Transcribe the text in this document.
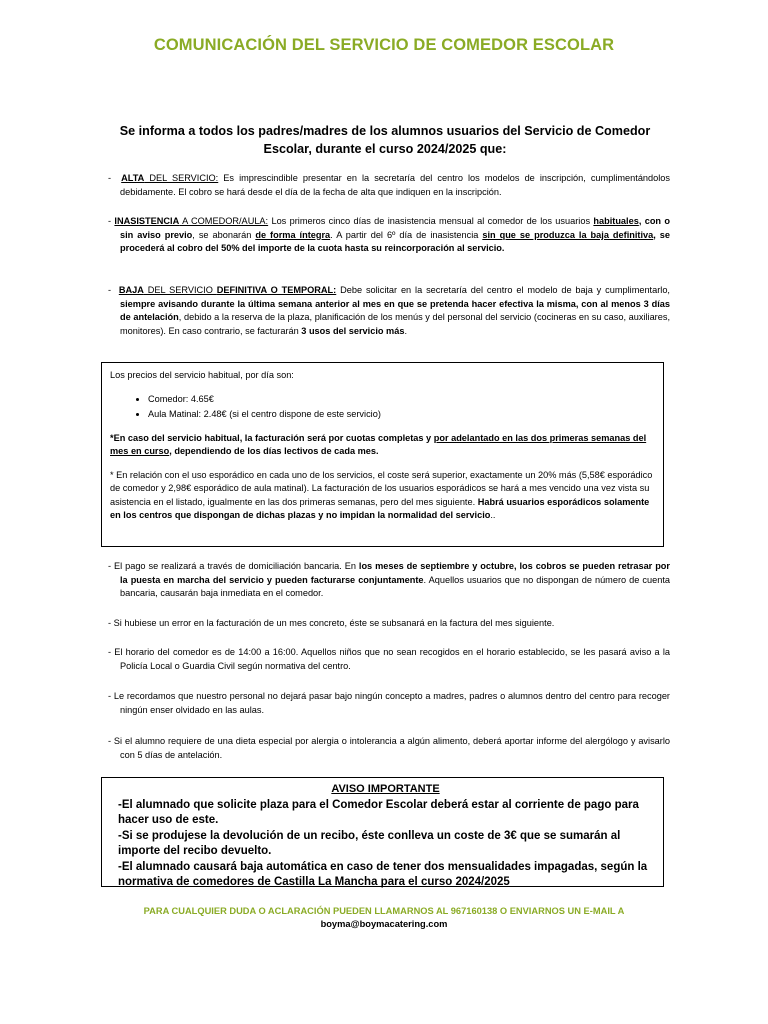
COMUNICACIÓN DEL SERVICIO DE COMEDOR ESCOLAR
Se informa a todos los padres/madres de los alumnos usuarios del Servicio de Comedor Escolar, durante el curso 2024/2025 que:
- ALTA DEL SERVICIO: Es imprescindible presentar en la secretaría del centro los modelos de inscripción, cumplimentándolos debidamente. El cobro se hará desde el día de la fecha de alta que indiquen en la inscripción.
- INASISTENCIA A COMEDOR/AULA: Los primeros cinco días de inasistencia mensual al comedor de los usuarios habituales, con o sin aviso previo, se abonarán de forma íntegra. A partir del 6º día de inasistencia sin que se produzca la baja definitiva, se procederá al cobro del 50% del importe de la cuota hasta su reincorporación al servicio.
- BAJA DEL SERVICIO DEFINITIVA O TEMPORAL: Debe solicitar en la secretaría del centro el modelo de baja y cumplimentarlo, siempre avisando durante la última semana anterior al mes en que se pretenda hacer efectiva la misma, con al menos 3 días de antelación, debido a la reserva de la plaza, planificación de los menús y del personal del servicio (cocineras en su caso, auxiliares, monitores). En caso contrario, se facturarán 3 usos del servicio más.

Los precios del servicio habitual, por día son:

• Comedor: 4.65€
• Aula Matinal: 2.48€ (si el centro dispone de este servicio)

*En caso del servicio habitual, la facturación será por cuotas completas y por adelantado en las dos primeras semanas del mes en curso, dependiendo de los días lectivos de cada mes.

* En relación con el uso esporádico en cada uno de los servicios, el coste será superior, exactamente un 20% más (5,58€ esporádico de comedor y 2,98€ esporádico de aula matinal). La facturación de los usuarios esporádicos se hará a mes vencido una vez vista su asistencia en el listado, igualmente en las dos primeras semanas, pero del mes siguiente. Habrá usuarios esporádicos solamente en los centros que dispongan de dichas plazas y no impidan la normalidad del servicio..

- El pago se realizará a través de domiciliación bancaria. En los meses de septiembre y octubre, los cobros se pueden retrasar por la puesta en marcha del servicio y pueden facturarse conjuntamente. Aquellos usuarios que no dispongan de número de cuenta bancaria, causarán baja inmediata en el comedor.
- Si hubiese un error en la facturación de un mes concreto, éste se subsanará en la factura del mes siguiente.
- El horario del comedor es de 14:00 a 16:00. Aquellos niños que no sean recogidos en el horario establecido, se les pasará aviso a la Policía Local o Guardia Civil según normativa del centro.
- Le recordamos que nuestro personal no dejará pasar bajo ningún concepto a madres, padres o alumnos dentro del centro para recoger ningún enser olvidado en las aulas.
- Si el alumno requiere de una dieta especial por alergia o intolerancia a algún alimento, deberá aportar informe del alergólogo y avisarlo con 5 días de antelación.
AVISO IMPORTANTE
-El alumnado que solicite plaza para el Comedor Escolar deberá estar al corriente de pago para hacer uso de este.
-Si se produjese la devolución de un recibo, éste conlleva un coste de 3€ que se sumarán al importe del recibo devuelto.
-El alumnado causará baja automática en caso de tener dos mensualidades impagadas, según la normativa de comedores de Castilla La Mancha para el curso 2024/2025
PARA CUALQUIER DUDA O ACLARACIÓN PUEDEN LLAMARNOS AL 967160138 O ENVIARNOS UN E-MAIL A
boyma@boymacatering.com
